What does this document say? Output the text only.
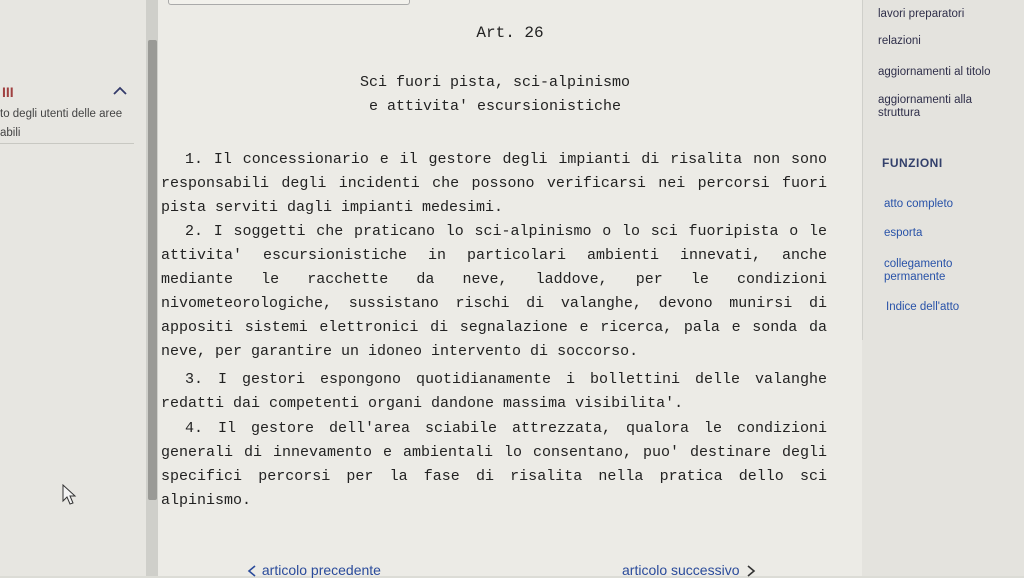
III
to degli utenti delle aree
abili
Art. 26
Sci fuori pista, sci-alpinismo
e attivita' escursionistiche

1. Il concessionario e il gestore degli impianti di risalita non sono responsabili degli incidenti che possono verificarsi nei percorsi fuori pista serviti dagli impianti medesimi.

2. I soggetti che praticano lo sci-alpinismo o lo sci fuoripista o le attivita' escursionistiche in particolari ambienti innevati, anche mediante le racchette da neve, laddove, per le condizioni nivometeorologiche, sussistano rischi di valanghe, devono munirsi di appositi sistemi elettronici di segnalazione e ricerca, pala e sonda da neve, per garantire un idoneo intervento di soccorso.

3. I gestori espongono quotidianamente i bollettini delle valanghe redatti dai competenti organi dandone massima visibilita'.

4. Il gestore dell'area sciabile attrezzata, qualora le condizioni generali di innevamento e ambientali lo consentano, puo' destinare degli specifici percorsi per la fase di risalita nella pratica dello sci alpinismo.

articolo precedente	articolo successivo
lavori preparatori
relazioni
aggiornamenti al titolo
aggiornamenti alla struttura
FUNZIONI
atto completo
esporta
collegamento permanente
Indice dell'atto
